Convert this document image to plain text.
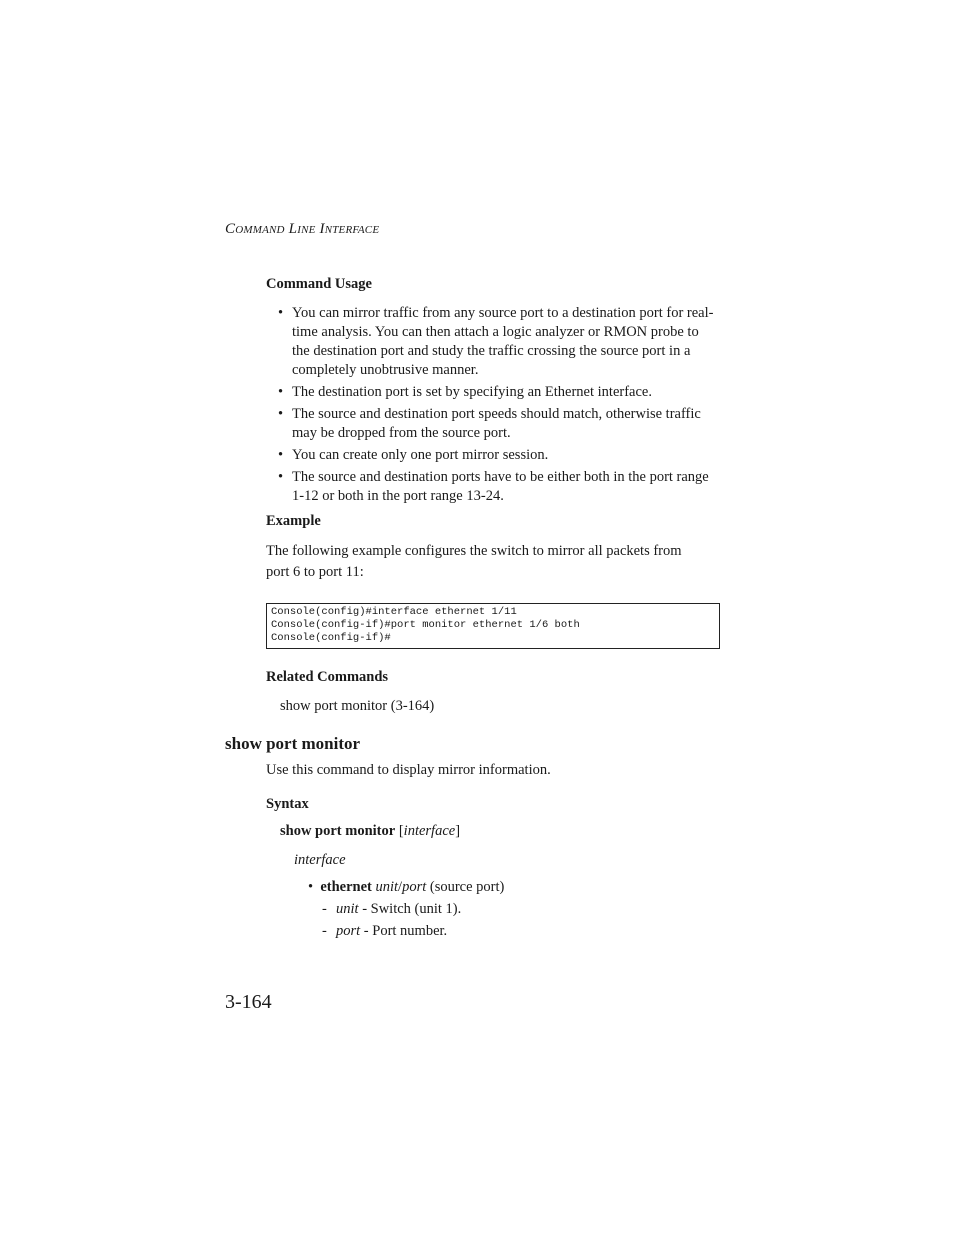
COMMAND LINE INTERFACE
Command Usage
• You can mirror traffic from any source port to a destination port for real-time analysis. You can then attach a logic analyzer or RMON probe to the destination port and study the traffic crossing the source port in a completely unobtrusive manner.
• The destination port is set by specifying an Ethernet interface.
• The source and destination port speeds should match, otherwise traffic may be dropped from the source port.
• You can create only one port mirror session.
• The source and destination ports have to be either both in the port range 1-12 or both in the port range 13-24.
Example
The following example configures the switch to mirror all packets from port 6 to port 11:
Console(config)#interface ethernet 1/11
Console(config-if)#port monitor ethernet 1/6 both
Console(config-if)#
Related Commands
show port monitor (3-164)
show port monitor
Use this command to display mirror information.
Syntax
show port monitor [interface]
interface
•  ethernet unit/port (source port)
- unit - Switch (unit 1).
- port - Port number.
3-164
